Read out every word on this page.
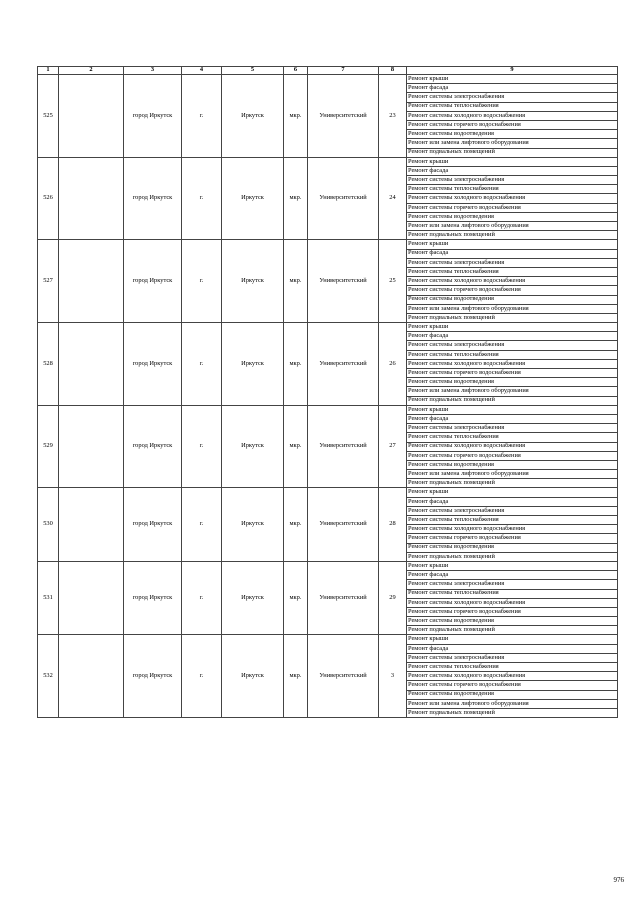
1	2	3	4	5	6	7	8	9
525		город Иркутск	г.	Иркутск	мкр.	Университетский	23	Ремонт крыши
								Ремонт фасада
								Ремонт системы электроснабжения
								Ремонт системы теплоснабжения
								Ремонт системы холодного водоснабжения
								Ремонт системы горячего водоснабжения
								Ремонт системы водоотведения
								Ремонт или замена лифтового оборудования
								Ремонт подвальных помещений
526		город Иркутск	г.	Иркутск	мкр.	Университетский	24	Ремонт крыши
								Ремонт фасада
								Ремонт системы электроснабжения
								Ремонт системы теплоснабжения
								Ремонт системы холодного водоснабжения
								Ремонт системы горячего водоснабжения
								Ремонт системы водоотведения
								Ремонт или замена лифтового оборудования
								Ремонт подвальных помещений
527		город Иркутск	г.	Иркутск	мкр.	Университетский	25	Ремонт крыши
								Ремонт фасада
								Ремонт системы электроснабжения
								Ремонт системы теплоснабжения
								Ремонт системы холодного водоснабжения
								Ремонт системы горячего водоснабжения
								Ремонт системы водоотведения
								Ремонт или замена лифтового оборудования
								Ремонт подвальных помещений
528		город Иркутск	г.	Иркутск	мкр.	Университетский	26	Ремонт крыши
								Ремонт фасада
								Ремонт системы электроснабжения
								Ремонт системы теплоснабжения
								Ремонт системы холодного водоснабжения
								Ремонт системы горячего водоснабжения
								Ремонт системы водоотведения
								Ремонт или замена лифтового оборудования
								Ремонт подвальных помещений
529		город Иркутск	г.	Иркутск	мкр.	Университетский	27	Ремонт крыши
								Ремонт фасада
								Ремонт системы электроснабжения
								Ремонт системы теплоснабжения
								Ремонт системы холодного водоснабжения
								Ремонт системы горячего водоснабжения
								Ремонт системы водоотведения
								Ремонт или замена лифтового оборудования
								Ремонт подвальных помещений
530		город Иркутск	г.	Иркутск	мкр.	Университетский	28	Ремонт крыши
								Ремонт фасада
								Ремонт системы электроснабжения
								Ремонт системы теплоснабжения
								Ремонт системы холодного водоснабжения
								Ремонт системы горячего водоснабжения
								Ремонт системы водоотведения
								Ремонт подвальных помещений
531		город Иркутск	г.	Иркутск	мкр.	Университетский	29	Ремонт крыши
								Ремонт фасада
								Ремонт системы электроснабжения
								Ремонт системы теплоснабжения
								Ремонт системы холодного водоснабжения
								Ремонт системы горячего водоснабжения
								Ремонт системы водоотведения
								Ремонт подвальных помещений
532		город Иркутск	г.	Иркутск	мкр.	Университетский	3	Ремонт крыши
								Ремонт фасада
								Ремонт системы электроснабжения
								Ремонт системы теплоснабжения
								Ремонт системы холодного водоснабжения
								Ремонт системы горячего водоснабжения
								Ремонт системы водоотведения
								Ремонт или замена лифтового оборудования
								Ремонт подвальных помещений
976
